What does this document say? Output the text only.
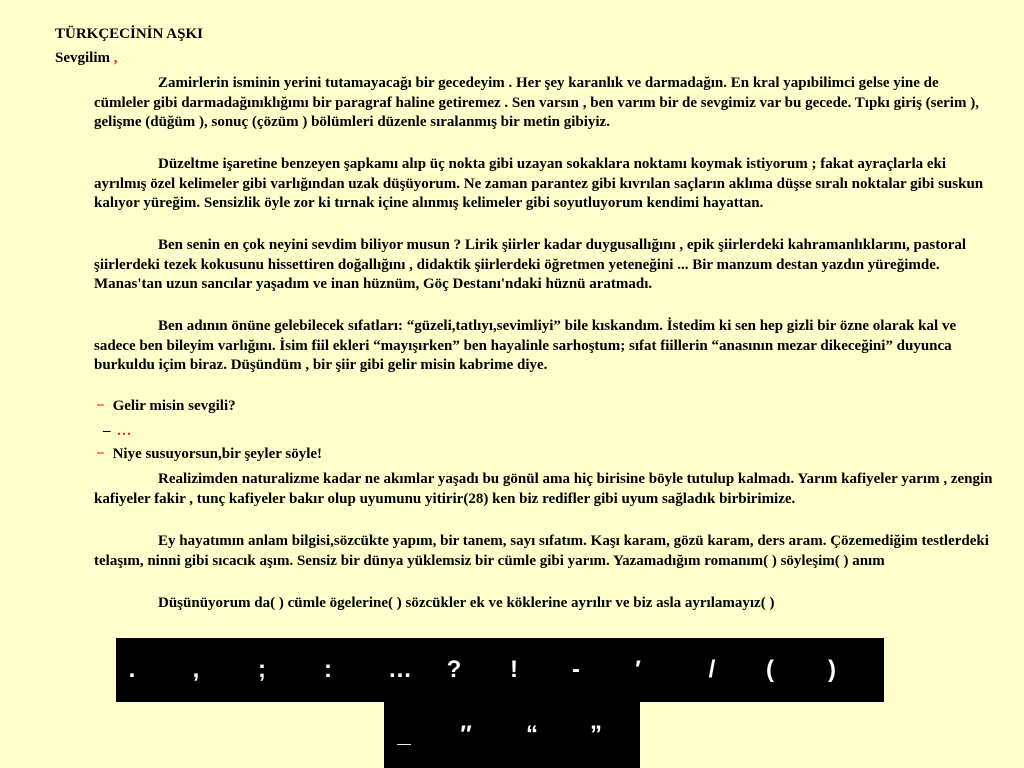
TÜRKÇECİNİN AŞKI
Sevgilim ,

Zamirlerin isminin yerini tutamayacağı bir gecedeyim . Her şey karanlık ve darmadağın. En kral yapıbilimci gelse yine de cümleler gibi darmadağınıklığımı bir paragraf haline getiremez . Sen varsın , ben varım bir de sevgimiz var bu gecede. Tıpkı giriş (serim ), gelişme (düğüm ), sonuç (çözüm ) bölümleri düzenle sıralanmış bir metin gibiyiz.

Düzeltme işaretine benzeyen şapkamı alıp üç nokta gibi uzayan sokaklara noktamı koymak istiyorum ; fakat ayraçlarla eki ayrılmış özel kelimeler gibi varlığından uzak düşüyorum. Ne zaman parantez gibi kıvrılan saçların aklıma düşse sıralı noktalar gibi suskun kalıyor yüreğim. Sensizlik öyle zor ki tırnak içine alınmış kelimeler gibi soyutluyorum kendimi hayattan.

Ben senin en çok neyini sevdim biliyor musun ? Lirik şiirler kadar duygusallığını , epik şiirlerdeki kahramanlıklarını, pastoral şiirlerdeki tezek kokusunu hissettiren doğallığını , didaktik şiirlerdeki öğretmen yeteneğini ... Bir manzum destan yazdın yüreğimde. Manas'tan uzun sancılar yaşadım ve inan hüznüm, Göç Destanı'ndaki hüznü aratmadı.

Ben adının önüne gelebilecek sıfatları: “güzeli,tatlıyı,sevimliyi” bile kıskandım. İstedim ki sen hep gizli bir özne olarak kal ve sadece ben bileyim varlığını. İsim fiil ekleri “mayışırken” ben hayalinle sarhoştum; sıfat fiillerin “anasının mezar dikeceğini” duyunca burkuldu içim biraz. Düşündüm , bir şiir gibi gelir misin kabrime diye.

− Gelir misin sevgili?
– …
− Niye susuyorsun,bir şeyler söyle!

Realizimden naturalizme kadar ne akımlar yaşadı bu gönül ama hiç birisine böyle tutulup kalmadı. Yarım kafiyeler yarım , zengin kafiyeler fakir , tunç kafiyeler bakır olup uyumunu yitirir(28) ken biz redifler gibi uyum sağladık birbirimize.

Ey hayatımın anlam bilgisi,sözcükte yapım, bir tanem, sayı sıfatım. Kaşı karam, gözü karam, ders aram. Çözemediğim testlerdeki telaşım, ninni gibi sıcacık aşım. Sensiz bir dünya yüklemsiz bir cümle gibi yarım. Yazamadığım romanım( ) söyleşim( ) anım

Düşünüyorum da( ) cümle ögelerine( ) sözcükler ek ve köklerine ayrılır ve biz asla ayrılamayız( )

. , ; : … ? ! - ′	/ ( )
_ ″ “ ”
